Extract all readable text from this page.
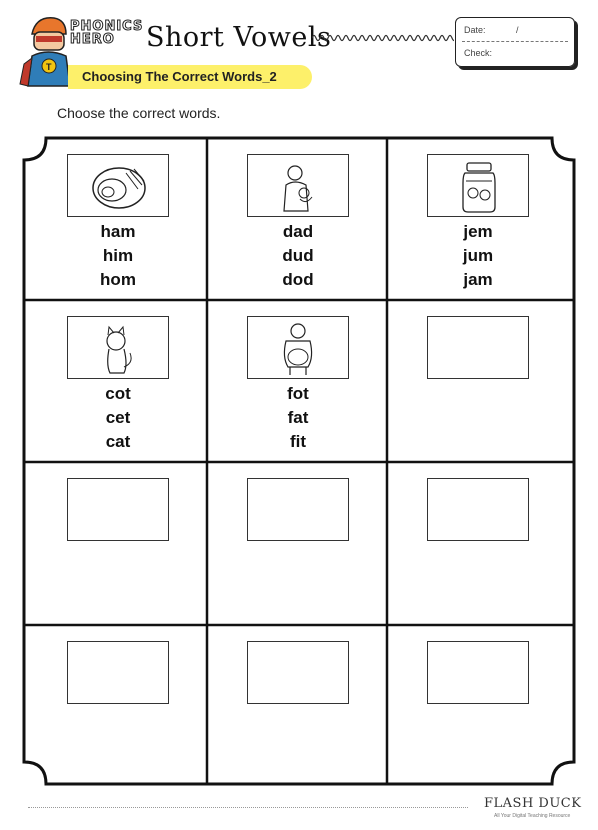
T
PHONICS
HERO	Short Vowels	Date:	/
Check:
Choosing The Correct Words_2
Choose the correct words.
ham
him
hom
dad
dud
dod
jem
jum
jam
cot
cet
cat
fot
fat
fit
FLASH DUCK
All Your Digital Teaching Resource
